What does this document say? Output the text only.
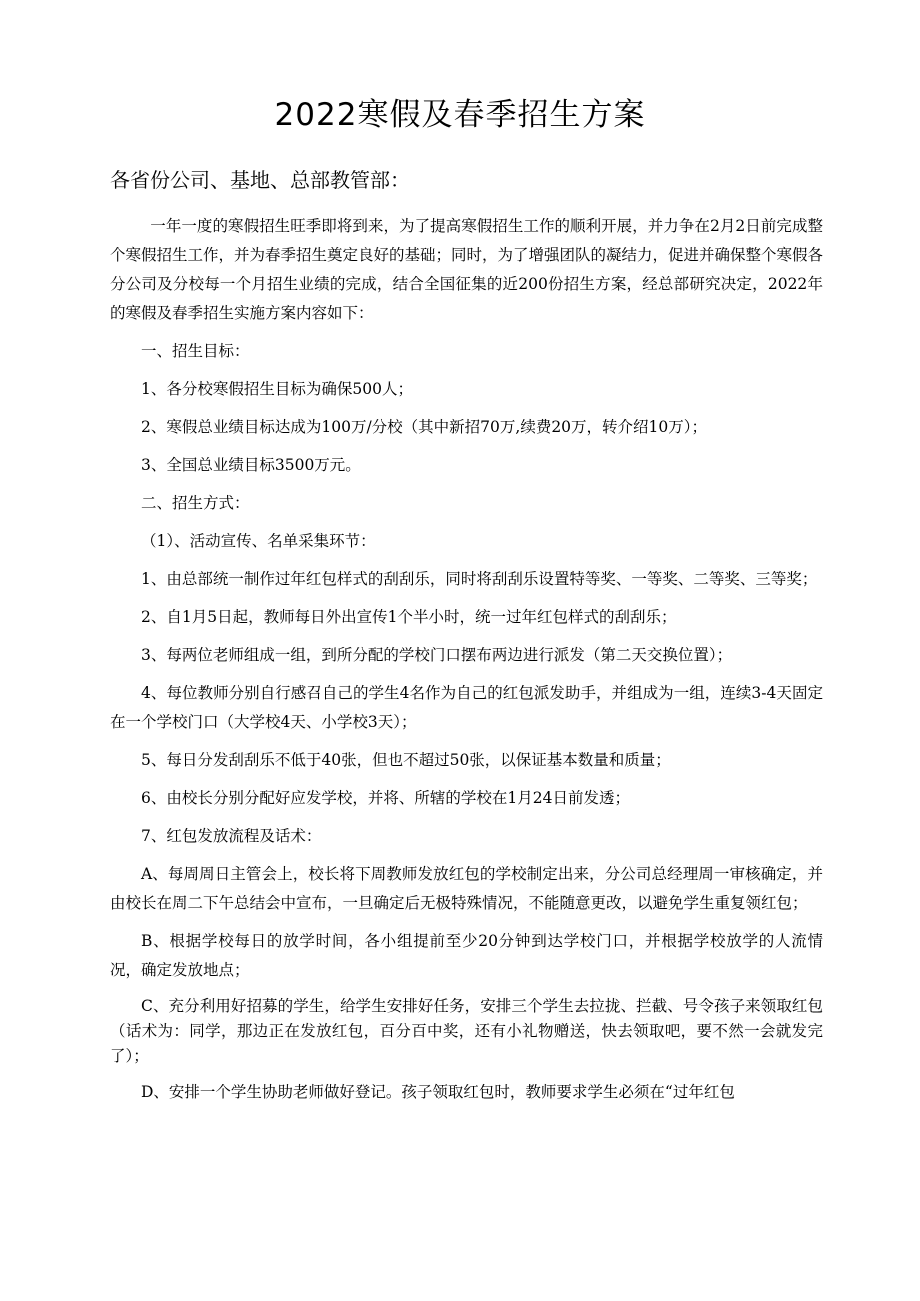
2022寒假及春季招生方案
各省份公司、基地、总部教管部：

一年一度的寒假招生旺季即将到来，为了提高寒假招生工作的顺利开展，并力争在2月2日前完成整个寒假招生工作，并为春季招生奠定良好的基础；同时，为了增强团队的凝结力，促进并确保整个寒假各分公司及分校每一个月招生业绩的完成，结合全国征集的近200份招生方案，经总部研究决定，2022年的寒假及春季招生实施方案内容如下：

一、招生目标：

1、各分校寒假招生目标为确保500人；

2、寒假总业绩目标达成为100万/分校（其中新招70万,续费20万，转介绍10万）；

3、全国总业绩目标3500万元。

二、招生方式：

（1）、活动宣传、名单采集环节：

1、由总部统一制作过年红包样式的刮刮乐，同时将刮刮乐设置特等奖、一等奖、二等奖、三等奖；

2、自1月5日起，教师每日外出宣传1个半小时，统一过年红包样式的刮刮乐；

3、每两位老师组成一组，到所分配的学校门口摆布两边进行派发（第二天交换位置）；

4、每位教师分别自行感召自己的学生4名作为自己的红包派发助手，并组成为一组，连续3-4天固定在一个学校门口（大学校4天、小学校3天）；

5、每日分发刮刮乐不低于40张，但也不超过50张，以保证基本数量和质量；

6、由校长分别分配好应发学校，并将、所辖的学校在1月24日前发透；

7、红包发放流程及话术：

A、每周周日主管会上，校长将下周教师发放红包的学校制定出来，分公司总经理周一审核确定，并由校长在周二下午总结会中宣布，一旦确定后无极特殊情况，不能随意更改，以避免学生重复领红包；

B、根据学校每日的放学时间，各小组提前至少20分钟到达学校门口，并根据学校放学的人流情况，确定发放地点；

C、充分利用好招募的学生，给学生安排好任务，安排三个学生去拉拢、拦截、号令孩子来领取红包（话术为：同学，那边正在发放红包，百分百中奖，还有小礼物赠送，快去领取吧，要不然一会就发完了）；

D、安排一个学生协助老师做好登记。孩子领取红包时，教师要求学生必须在“过年红包
